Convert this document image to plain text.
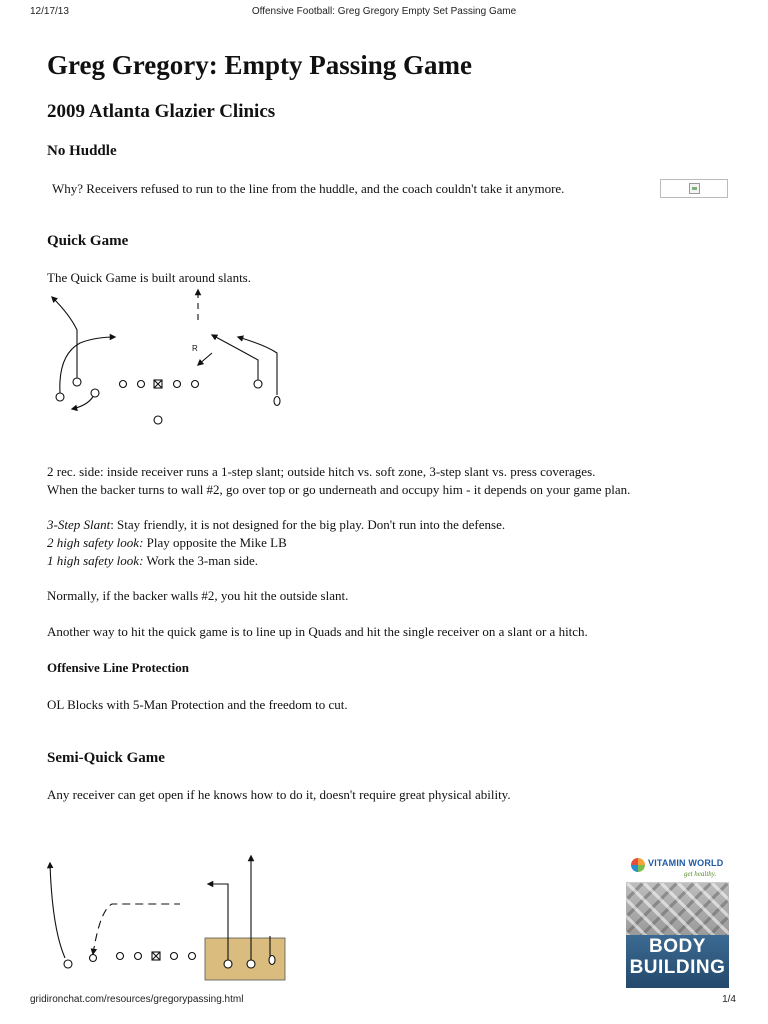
12/17/13	Offensive Football: Greg Gregory Empty Set Passing Game
Greg Gregory: Empty Passing Game
2009 Atlanta Glazier Clinics
No Huddle
Why? Receivers refused to run to the line from the huddle, and the coach couldn't take it anymore.
Quick Game
The Quick Game is built around slants.
R
2 rec. side: inside receiver runs a 1-step slant; outside hitch vs. soft zone, 3-step slant vs. press coverages.
When the backer turns to wall #2, go over top or go underneath and occupy him - it depends on your game plan.
3-Step Slant: Stay friendly, it is not designed for the big play. Don't run into the defense.
2 high safety look: Play opposite the Mike LB
1 high safety look: Work the 3-man side.
Normally, if the backer walls #2, you hit the outside slant.
Another way to hit the quick game is to line up in Quads and hit the single receiver on a slant or a hitch.
Offensive Line Protection
OL Blocks with 5-Man Protection and the freedom to cut.
Semi-Quick Game
Any receiver can get open if he knows how to do it, doesn't require great physical ability.
VITAMIN WORLD
get healthy.
BODY
BUILDING
gridironchat.com/resources/gregorypassing.html	1/4
